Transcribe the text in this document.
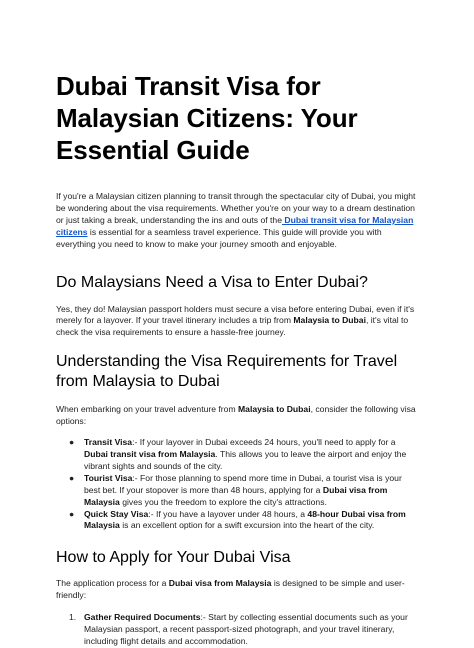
Dubai Transit Visa for Malaysian Citizens: Your Essential Guide

If you're a Malaysian citizen planning to transit through the spectacular city of Dubai, you might be wondering about the visa requirements. Whether you're on your way to a dream destination or just taking a break, understanding the ins and outs of the Dubai transit visa for Malaysian citizens is essential for a seamless travel experience. This guide will provide you with everything you need to know to make your journey smooth and enjoyable.

Do Malaysians Need a Visa to Enter Dubai?

Yes, they do! Malaysian passport holders must secure a visa before entering Dubai, even if it's merely for a layover. If your travel itinerary includes a trip from Malaysia to Dubai, it's vital to check the visa requirements to ensure a hassle-free journey.

Understanding the Visa Requirements for Travel from Malaysia to Dubai

When embarking on your travel adventure from Malaysia to Dubai, consider the following visa options:

● Transit Visa:- If your layover in Dubai exceeds 24 hours, you'll need to apply for a Dubai transit visa from Malaysia. This allows you to leave the airport and enjoy the vibrant sights and sounds of the city.
● Tourist Visa:- For those planning to spend more time in Dubai, a tourist visa is your best bet. If your stopover is more than 48 hours, applying for a Dubai visa from Malaysia gives you the freedom to explore the city's attractions.
● Quick Stay Visa:- If you have a layover under 48 hours, a 48-hour Dubai visa from Malaysia is an excellent option for a swift excursion into the heart of the city.
How to Apply for Your Dubai Visa

The application process for a Dubai visa from Malaysia is designed to be simple and user-friendly:

1. Gather Required Documents:- Start by collecting essential documents such as your Malaysian passport, a recent passport-sized photograph, and your travel itinerary, including flight details and accommodation.
